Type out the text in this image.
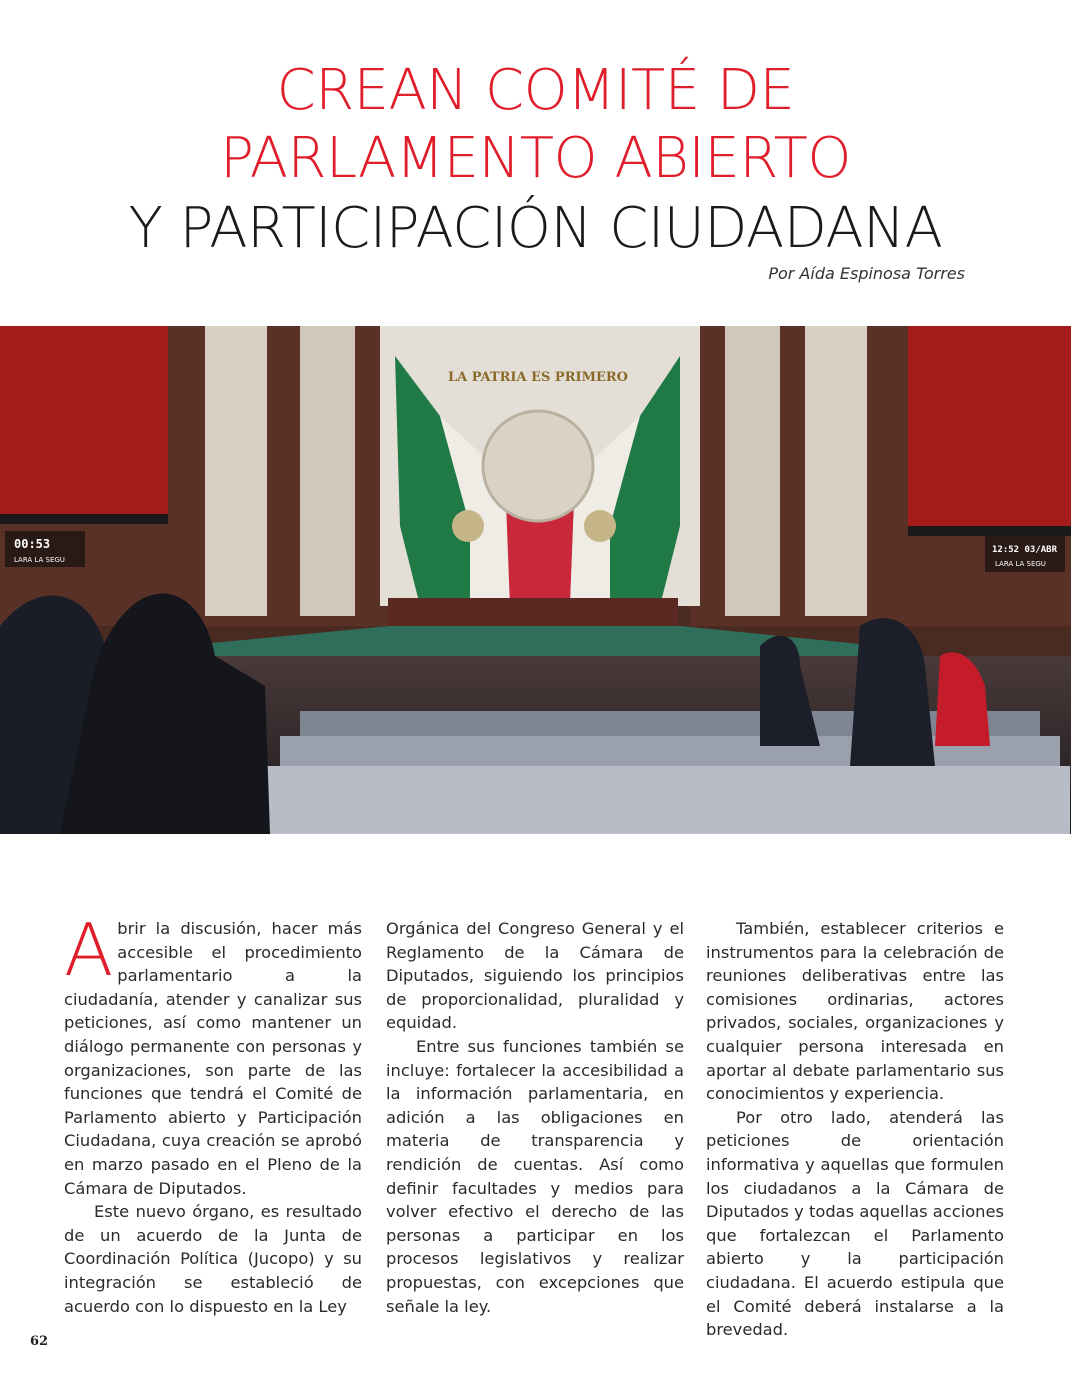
CREAN COMITÉ DE
PARLAMENTO ABIERTO
Y PARTICIPACIÓN CIUDADANA
Por Aída Espinosa Torres
LA PATRIA ES PRIMERO
00:53
LARA LA SEGU
12:52 03/ABR
LARA LA SEGU

Abrir la discusión, hacer más accesible el procedimiento parlamentario a la ciudadanía, atender y canalizar sus peticiones, así como mantener un diálogo permanente con personas y organizaciones, son parte de las funciones que tendrá el Comité de Parlamento abierto y Participación Ciudadana, cuya creación se aprobó en marzo pasado en el Pleno de la Cámara de Diputados.

Este nuevo órgano, es resultado de un acuerdo de la Junta de Coordinación Política (Jucopo) y su integración se estableció de acuerdo con lo dispuesto en la Ley

Orgánica del Congreso General y el Reglamento de la Cámara de Diputados, siguiendo los principios de proporcionalidad, pluralidad y equidad.

Entre sus funciones también se incluye: fortalecer la accesibilidad a la información parlamentaria, en adición a las obligaciones en materia de transparencia y rendición de cuentas. Así como definir facultades y medios para volver efectivo el derecho de las personas a participar en los procesos legislativos y realizar propuestas, con excepciones que señale la ley.

También, establecer criterios e instrumentos para la celebración de reuniones deliberativas entre las comisiones ordinarias, actores privados, sociales, organizaciones y cualquier persona interesada en aportar al debate parlamentario sus conocimientos y experiencia.

Por otro lado, atenderá las peticiones de orientación informativa y aquellas que formulen los ciudadanos a la Cámara de Diputados y todas aquellas acciones que fortalezcan el Parlamento abierto y la participación ciudadana. El acuerdo estipula que el Comité deberá instalarse a la brevedad.

62
